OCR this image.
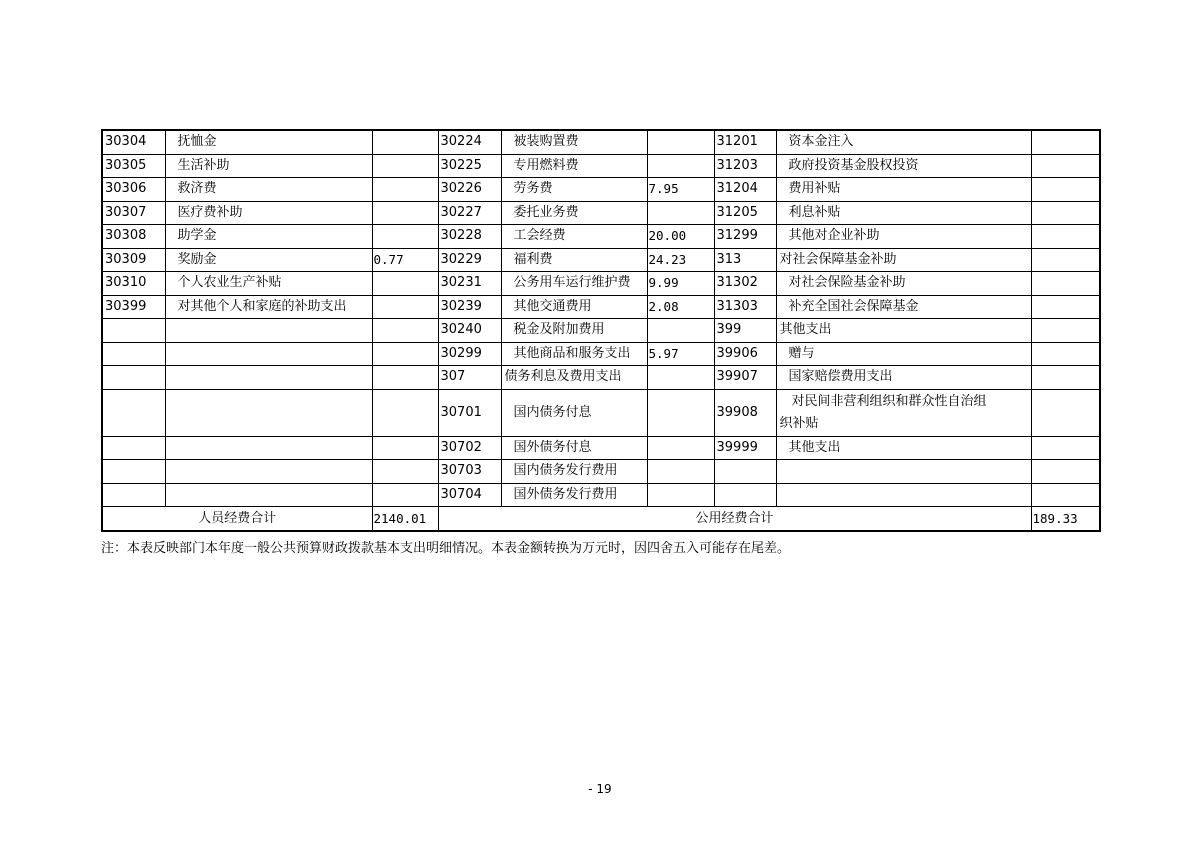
30304	抚恤金		30224	被装购置费		31201	资本金注入	
30305	生活补助		30225	专用燃料费		31203	政府投资基金股权投资	
30306	救济费		30226	劳务费	7.95	31204	费用补贴	
30307	医疗费补助		30227	委托业务费		31205	利息补贴	
30308	助学金		30228	工会经费	20.00	31299	其他对企业补助	
30309	奖励金	0.77	30229	福利费	24.23	313	对社会保障基金补助	
30310	个人农业生产补贴		30231	公务用车运行维护费	9.99	31302	对社会保险基金补助	
30399	对其他个人和家庭的补助支出		30239	其他交通费用	2.08	31303	补充全国社会保障基金	
			30240	税金及附加费用		399	其他支出	
			30299	其他商品和服务支出	5.97	39906	赠与	
			307	债务利息及费用支出		39907	国家赔偿费用支出	
			30701	国内债务付息		39908	对民间非营利组织和群众性自治组
织补贴	
			30702	国外债务付息		39999	其他支出	
			30703	国内债务发行费用				
			30704	国外债务发行费用				
人员经费合计		2140.01	公用经费合计					189.33
注：本表反映部门本年度一般公共预算财政拨款基本支出明细情况。本表金额转换为万元时，因四舍五入可能存在尾差。
- 19
